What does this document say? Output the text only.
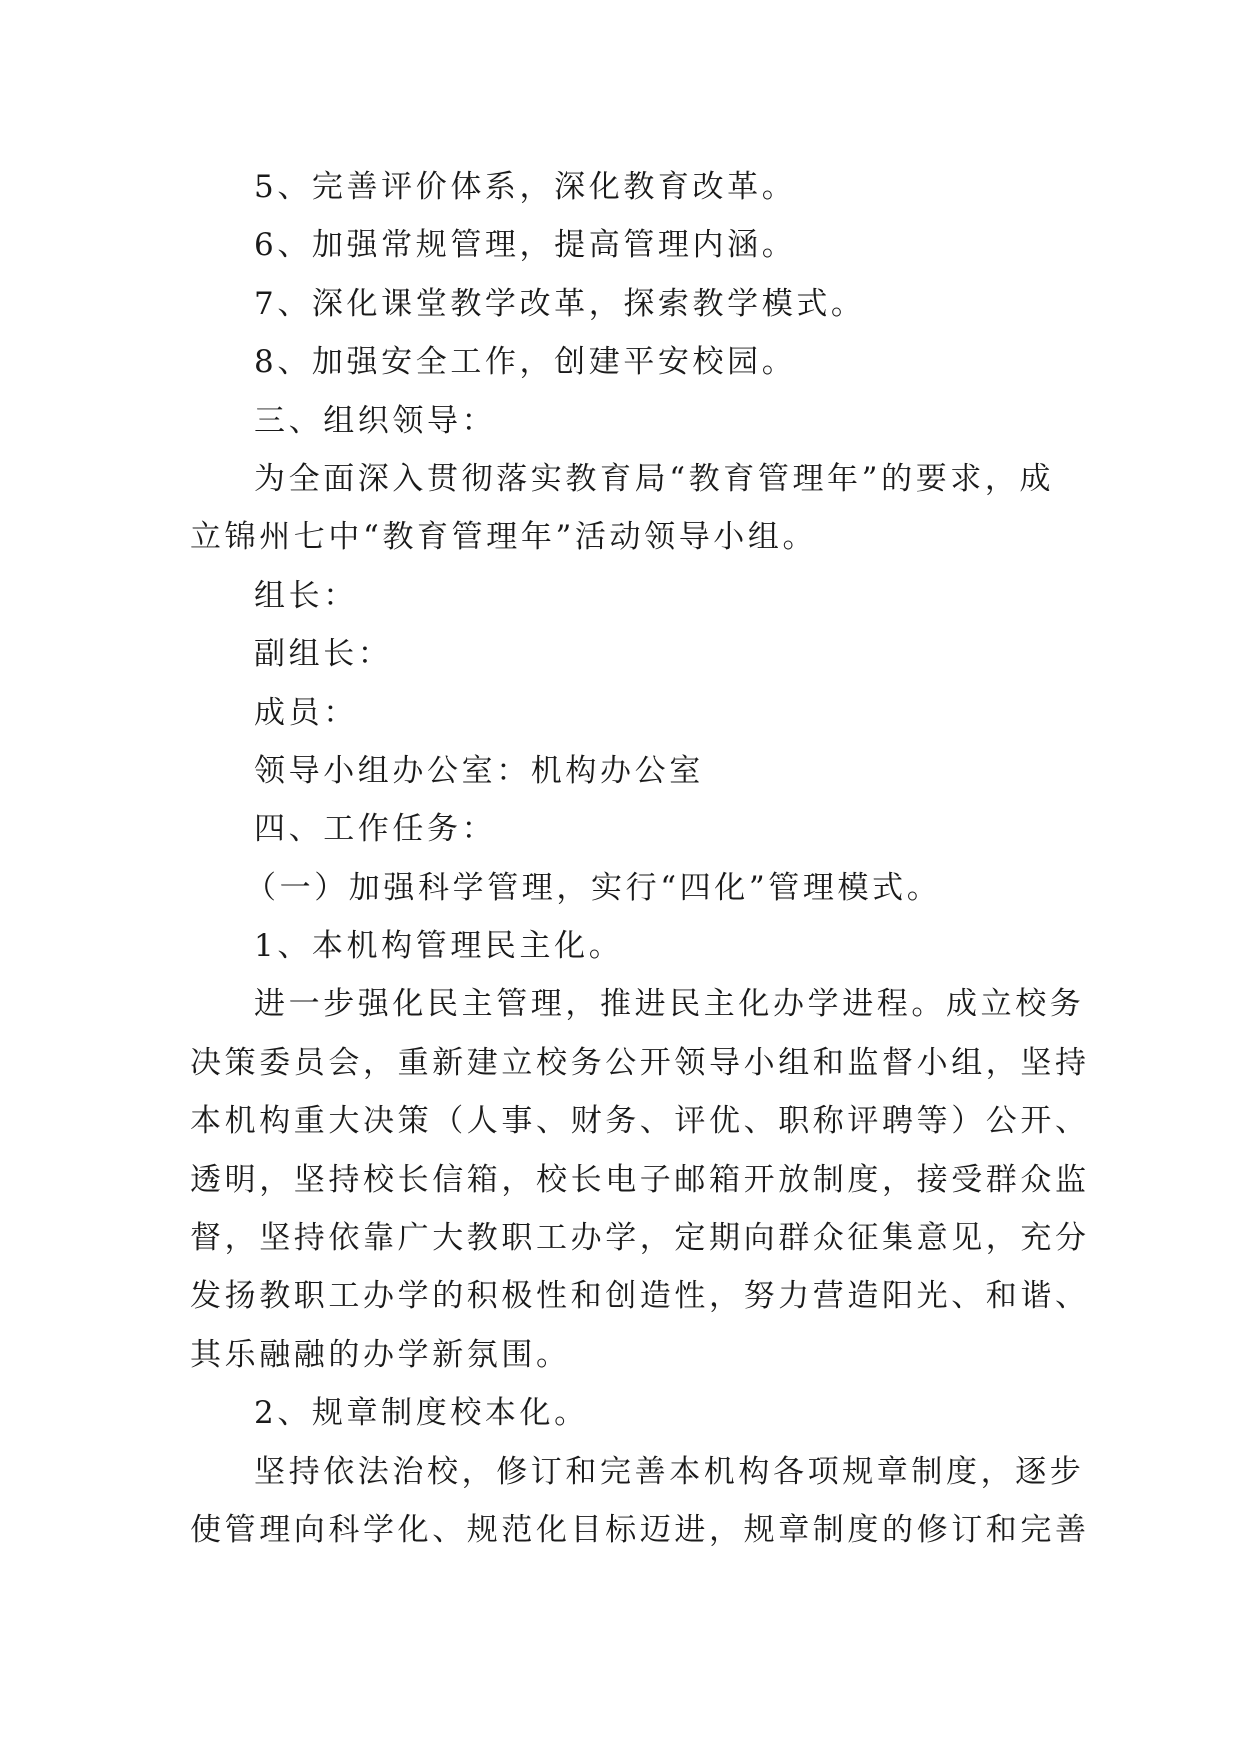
5、完善评价体系，深化教育改革。
6、加强常规管理，提高管理内涵。
7、深化课堂教学改革，探索教学模式。
8、加强安全工作，创建平安校园。
三、组织领导：
为全面深入贯彻落实教育局“教育管理年”的要求，成
立锦州七中“教育管理年”活动领导小组。
组长：
副组长：
成员：
领导小组办公室：机构办公室
四、工作任务：
（一）加强科学管理，实行“四化”管理模式。
1、本机构管理民主化。
进一步强化民主管理，推进民主化办学进程。成立校务
决策委员会，重新建立校务公开领导小组和监督小组，坚持
本机构重大决策（人事、财务、评优、职称评聘等）公开、
透明，坚持校长信箱，校长电子邮箱开放制度，接受群众监
督，坚持依靠广大教职工办学，定期向群众征集意见，充分
发扬教职工办学的积极性和创造性，努力营造阳光、和谐、
其乐融融的办学新氛围。
2、规章制度校本化。
坚持依法治校，修订和完善本机构各项规章制度，逐步
使管理向科学化、规范化目标迈进，规章制度的修订和完善
